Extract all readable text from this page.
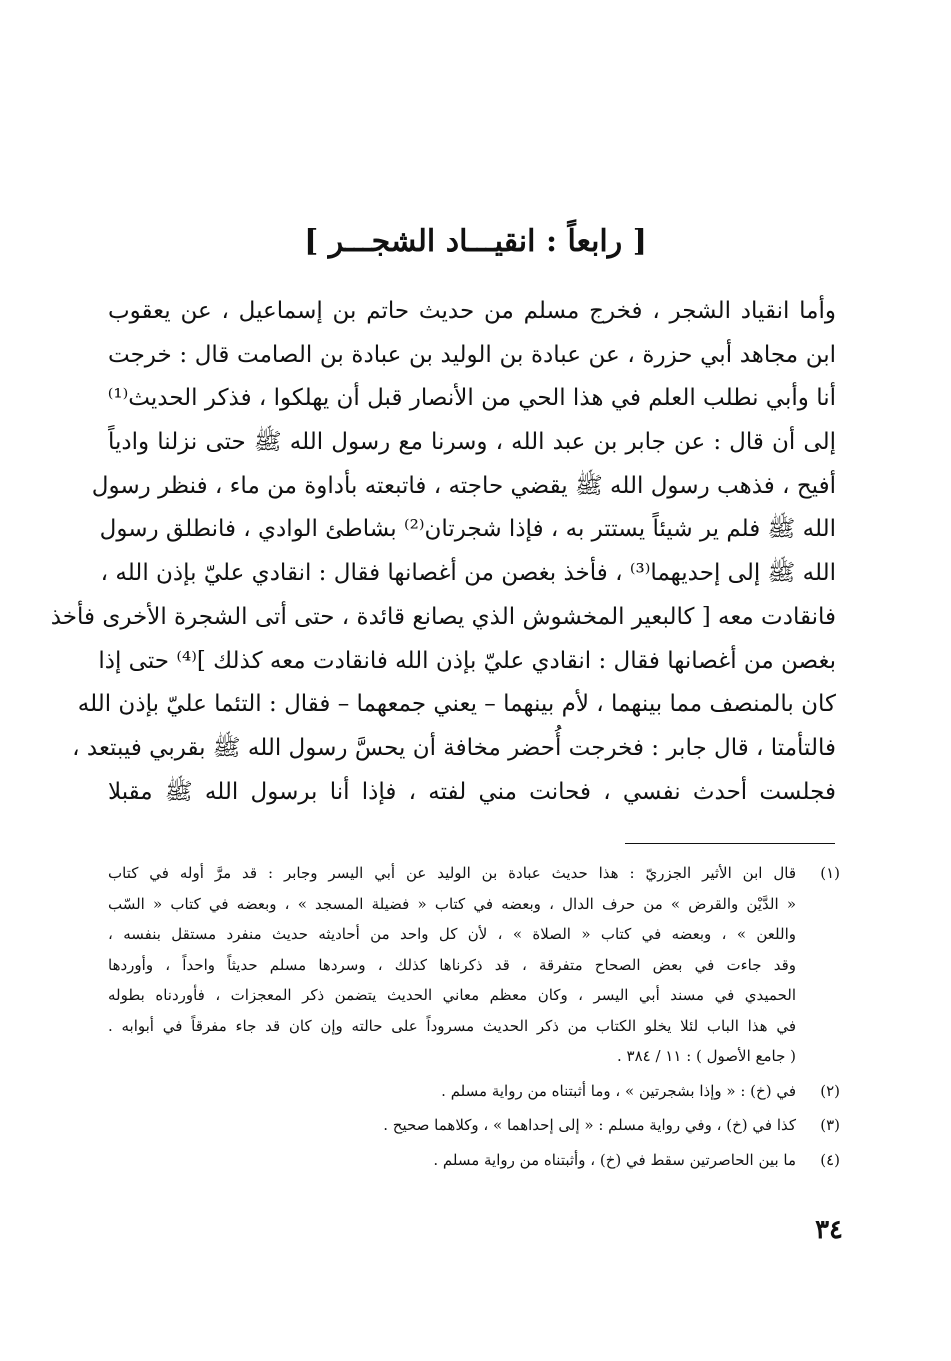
[ رابعاً : انقيـــاد الشجـــر ]
وأما انقياد الشجر ، فخرج مسلم من حديث حاتم بن إسماعيل ، عن يعقوب
ابن مجاهد أبي حزرة ، عن عبادة بن الوليد بن عبادة بن الصامت قال : خرجت
أنا وأبي نطلب العلم في هذا الحي من الأنصار قبل أن يهلكوا ، فذكر الحديث⁽¹⁾
إلى أن قال : عن جابر بن عبد الله ، وسرنا مع رسول الله ﷺ حتى نزلنا وادياً
أفيح ، فذهب رسول الله ﷺ يقضي حاجته ، فاتبعته بأداوة من ماء ، فنظر رسول
الله ﷺ فلم ير شيئاً يستتر به ، فإذا شجرتان⁽²⁾ بشاطئ الوادي ، فانطلق رسول
الله ﷺ إلى إحديهما⁽³⁾ ، فأخذ بغصن من أغصانها فقال : انقادي عليّ بإذن الله ،
فانقادت معه [ كالبعير المخشوش الذي يصانع قائدة ، حتى أتى الشجرة الأخرى فأخذ
بغصن من أغصانها فقال : انقادي عليّ بإذن الله فانقادت معه كذلك ]⁽⁴⁾ حتى إذا
كان بالمنصف مما بينهما ، لأم بينهما – يعني جمعهما – فقال : التئما عليّ بإذن الله
فالتأمتا ، قال جابر : فخرجت أُحضر مخافة أن يحسَّ رسول الله ﷺ بقربي فيبتعد ،
فجلست أحدث نفسي ، فحانت مني لفته ، فإذا أنا برسول الله ﷺ مقبلا
(١)
قال ابن الأثير الجزريّ : هذا حديث عبادة بن الوليد عن أبي اليسر وجابر : قد مرَّ أوله في كتاب
« الدَّيْن والقرض » من حرف الدال ، وبعضه في كتاب « فضيلة المسجد » ، وبعضه في كتاب « السّب
واللعن » ، وبعضه في كتاب « الصلاة » ، لأن كل واحد من أحاديثه حديث منفرد مستقل بنفسه ،
وقد جاءت في بعض الصحاح متفرقة ، قد ذكرناها كذلك ، وسردها مسلم حديثاً واحداً ، وأوردها
الحميدي في مسند أبي اليسر ، وكان معظم معاني الحديث يتضمن ذكر المعجزات ، فأوردناه بطوله
في هذا الباب لئلا يخلو الكتاب من ذكر الحديث مسروداً على حالته وإن كان قد جاء مفرقاً في أبوابه .
( جامع الأصول ) : ١١ / ٣٨٤ .
(٢)
في (خ) : « وإذا بشجرتين » ، وما أثبتناه من رواية مسلم .
(٣)
كذا في (خ) ، وفي رواية مسلم : « إلى إحداهما » ، وكلاهما صحيح .
(٤)
ما بين الحاصرتين سقط في (خ) ، وأثبتناه من رواية مسلم .
٣٤
